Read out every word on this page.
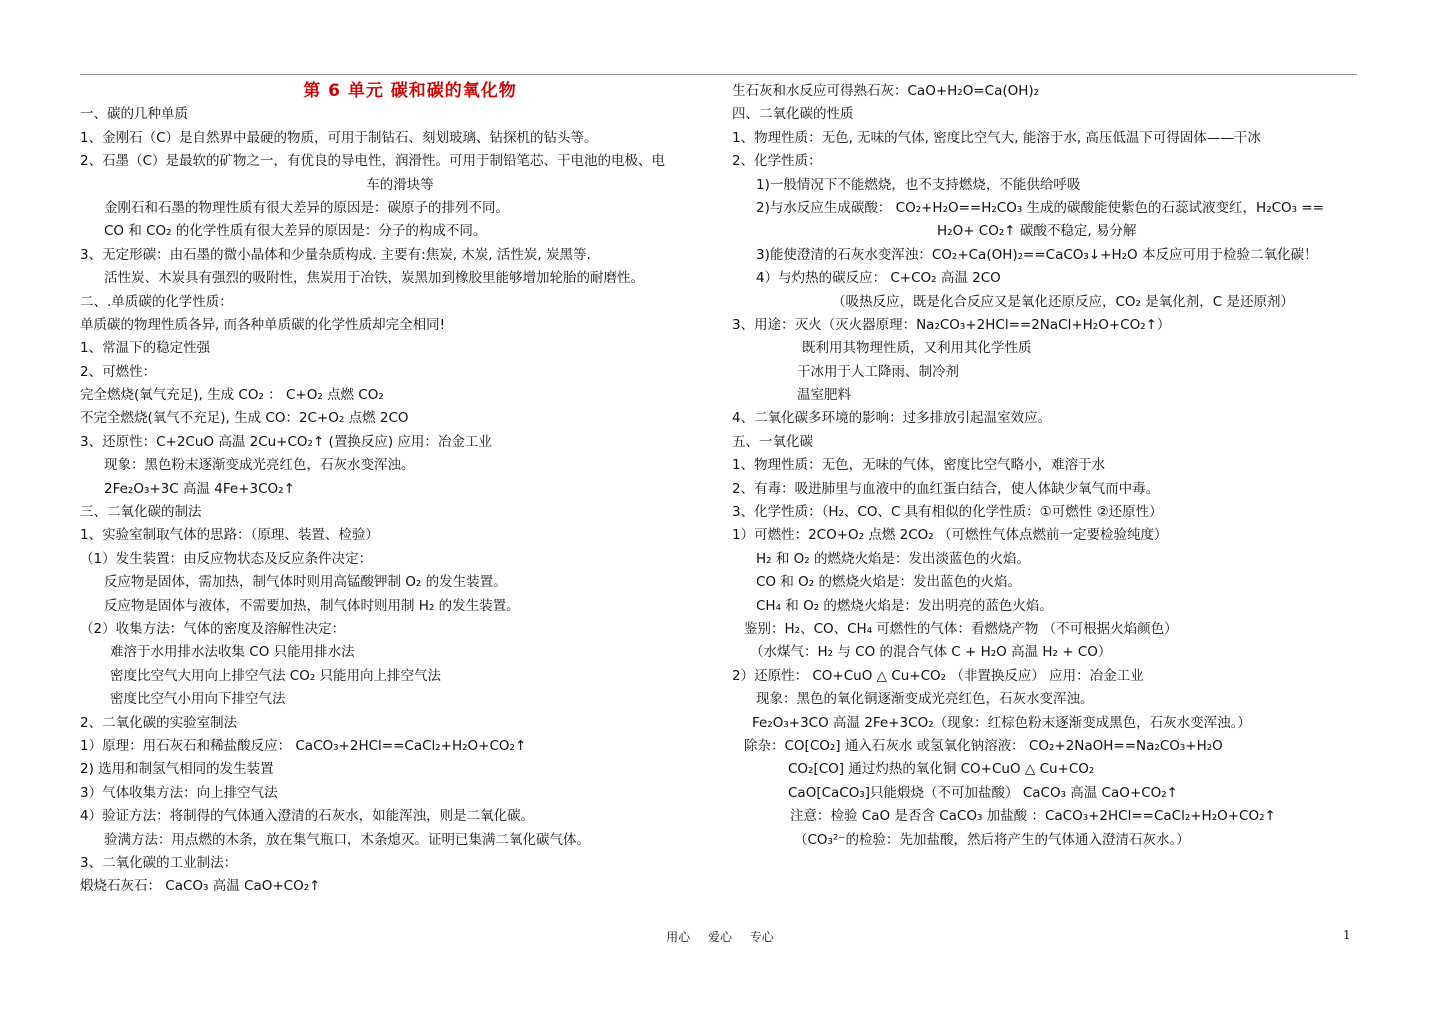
第 6 单元 碳和碳的氧化物
一、碳的几种单质
1、金刚石（C）是自然界中最硬的物质，可用于制钻石、刻划玻璃、钻探机的钻头等。
2、石墨（C）是最软的矿物之一，有优良的导电性，润滑性。可用于制铅笔芯、干电池的电极、电
车的滑块等
金刚石和石墨的物理性质有很大差异的原因是：碳原子的排列不同。
CO 和 CO₂ 的化学性质有很大差异的原因是：分子的构成不同。
3、无定形碳：由石墨的微小晶体和少量杂质构成. 主要有:焦炭, 木炭, 活性炭, 炭黑等.
活性炭、木炭具有强烈的吸附性，焦炭用于冶铁，炭黑加到橡胶里能够增加轮胎的耐磨性。
二、.单质碳的化学性质：
单质碳的物理性质各异, 而各种单质碳的化学性质却完全相同!
1、常温下的稳定性强
2、可燃性：
完全燃烧(氧气充足), 生成 CO₂ ： C+O₂ 点燃 CO₂
不完全燃烧(氧气不充足), 生成 CO：2C+O₂ 点燃 2CO
3、还原性：C+2CuO 高温 2Cu+CO₂↑ (置换反应) 应用：冶金工业
现象：黑色粉末逐渐变成光亮红色，石灰水变浑浊。
2Fe₂O₃+3C 高温 4Fe+3CO₂↑
三、二氧化碳的制法
1、实验室制取气体的思路：（原理、装置、检验）
（1）发生装置：由反应物状态及反应条件决定：
反应物是固体，需加热，制气体时则用高锰酸钾制 O₂ 的发生装置。
反应物是固体与液体，不需要加热，制气体时则用制 H₂ 的发生装置。
（2）收集方法：气体的密度及溶解性决定：
难溶于水用排水法收集 CO 只能用排水法
密度比空气大用向上排空气法 CO₂ 只能用向上排空气法
密度比空气小用向下排空气法
2、二氧化碳的实验室制法
1）原理：用石灰石和稀盐酸反应： CaCO₃+2HCl==CaCl₂+H₂O+CO₂↑
2) 选用和制氢气相同的发生装置
3）气体收集方法：向上排空气法
4）验证方法：将制得的气体通入澄清的石灰水，如能浑浊，则是二氧化碳。
验满方法：用点燃的木条，放在集气瓶口，木条熄灭。证明已集满二氧化碳气体。
3、二氧化碳的工业制法：
煅烧石灰石： CaCO₃ 高温 CaO+CO₂↑
生石灰和水反应可得熟石灰：CaO+H₂O=Ca(OH)₂
四、二氧化碳的性质
1、物理性质：无色, 无味的气体, 密度比空气大, 能溶于水, 高压低温下可得固体——干冰
2、化学性质：
1)一般情况下不能燃烧，也不支持燃烧，不能供给呼吸
2)与水反应生成碳酸： CO₂+H₂O==H₂CO₃ 生成的碳酸能使紫色的石蕊试液变红，H₂CO₃ ==
H₂O+ CO₂↑ 碳酸不稳定, 易分解
3)能使澄清的石灰水变浑浊：CO₂+Ca(OH)₂==CaCO₃↓+H₂O 本反应可用于检验二氧化碳！
4）与灼热的碳反应： C+CO₂ 高温 2CO
（吸热反应，既是化合反应又是氧化还原反应，CO₂ 是氧化剂，C 是还原剂）
3、用途：灭火（灭火器原理：Na₂CO₃+2HCl==2NaCl+H₂O+CO₂↑）
既利用其物理性质，又利用其化学性质
干冰用于人工降雨、制冷剂
温室肥料
4、二氧化碳多环境的影响：过多排放引起温室效应。
五、一氧化碳
1、物理性质：无色，无味的气体，密度比空气略小，难溶于水
2、有毒：吸进肺里与血液中的血红蛋白结合，使人体缺少氧气而中毒。
3、化学性质：（H₂、CO、C 具有相似的化学性质：①可燃性 ②还原性）
1）可燃性：2CO+O₂ 点燃 2CO₂ （可燃性气体点燃前一定要检验纯度）
H₂ 和 O₂ 的燃烧火焰是：发出淡蓝色的火焰。
CO 和 O₂ 的燃烧火焰是：发出蓝色的火焰。
CH₄ 和 O₂ 的燃烧火焰是：发出明亮的蓝色火焰。
鉴别：H₂、CO、CH₄ 可燃性的气体：看燃烧产物 （不可根据火焰颜色）
（水煤气：H₂ 与 CO 的混合气体 C + H₂O 高温 H₂ + CO）
2）还原性： CO+CuO △ Cu+CO₂ （非置换反应） 应用：冶金工业
现象：黑色的氧化铜逐渐变成光亮红色，石灰水变浑浊。
Fe₂O₃+3CO 高温 2Fe+3CO₂（现象：红棕色粉末逐渐变成黑色，石灰水变浑浊。）
除杂：CO[CO₂] 通入石灰水 或氢氧化钠溶液： CO₂+2NaOH==Na₂CO₃+H₂O
CO₂[CO] 通过灼热的氧化铜 CO+CuO △ Cu+CO₂
CaO[CaCO₃]只能煅烧（不可加盐酸） CaCO₃ 高温 CaO+CO₂↑
注意：检验 CaO 是否含 CaCO₃ 加盐酸 ：CaCO₃+2HCl==CaCl₂+H₂O+CO₂↑
（CO₃²⁻的检验：先加盐酸，然后将产生的气体通入澄清石灰水。）
用心 爱心 专心	1
